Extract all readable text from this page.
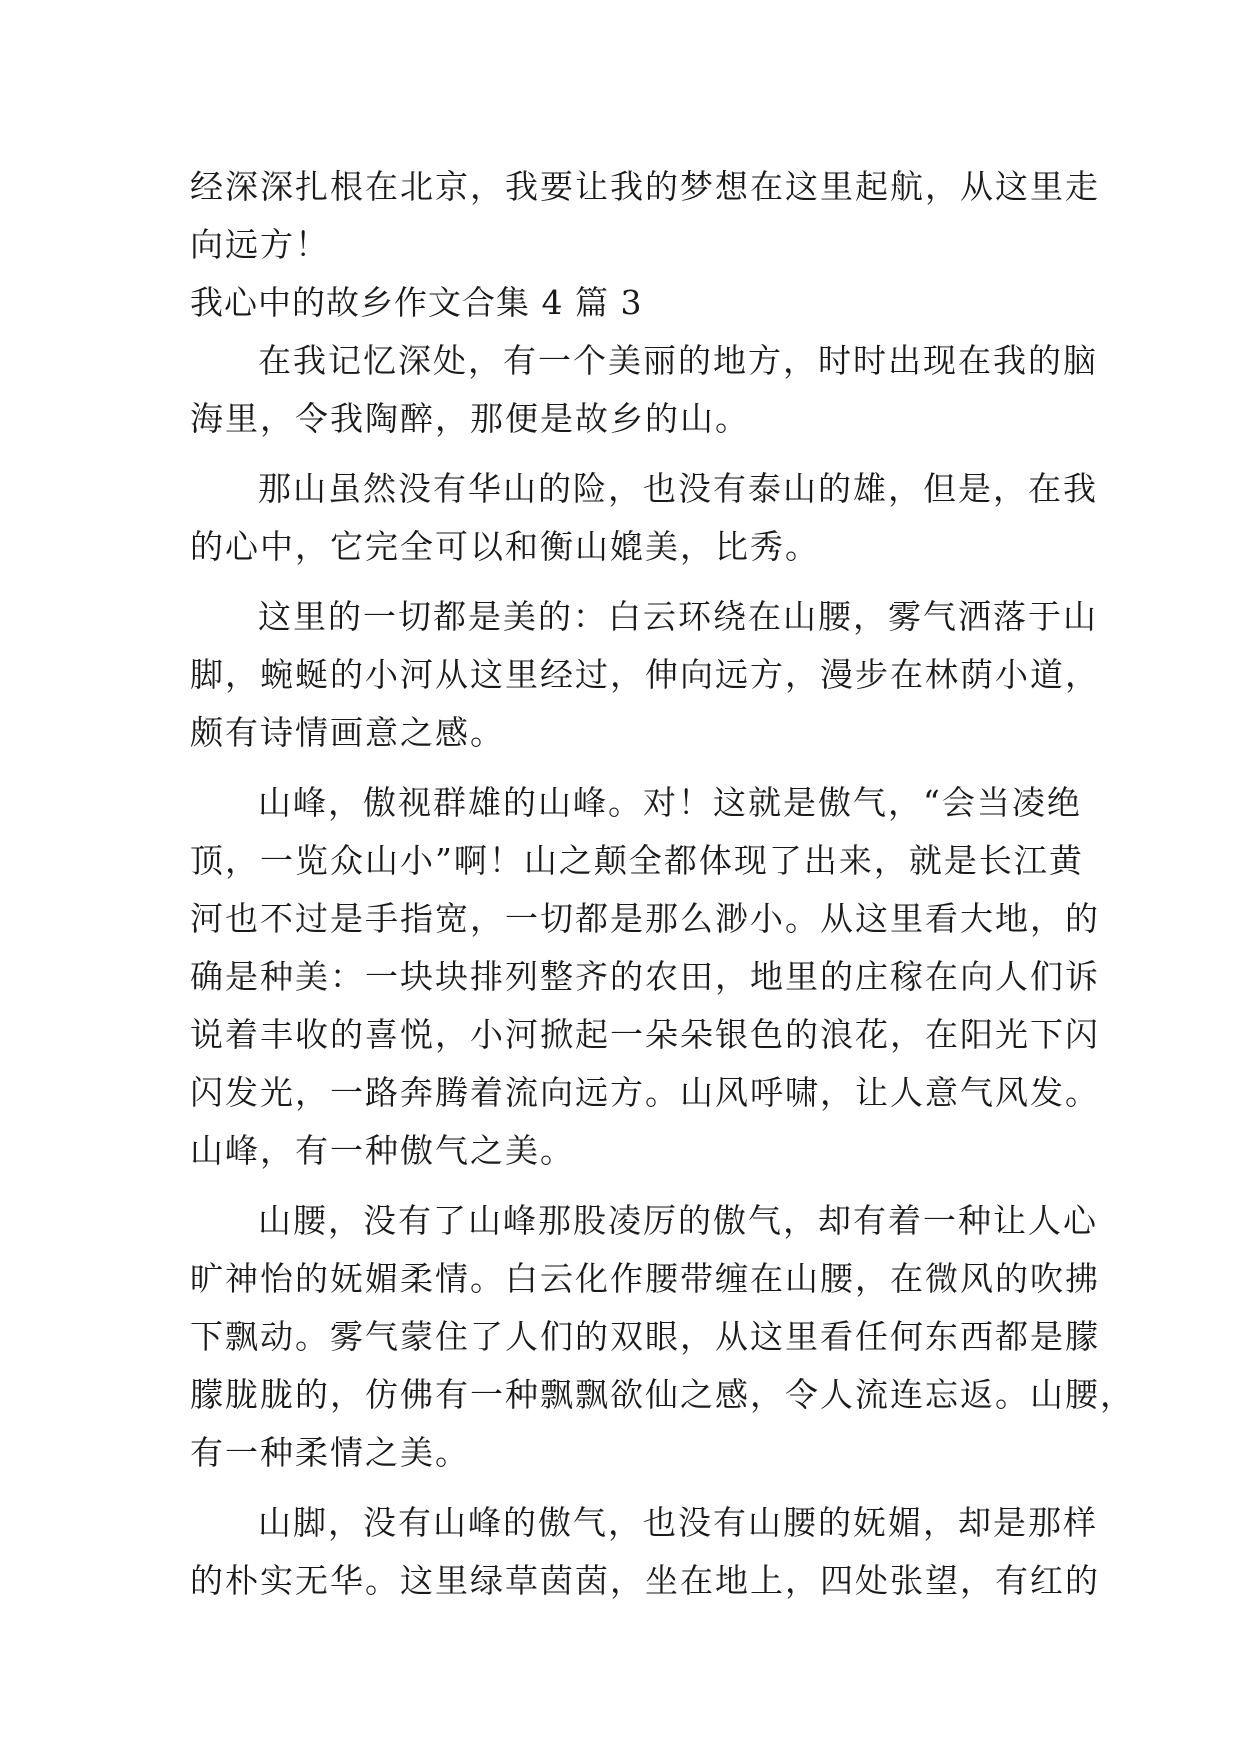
经深深扎根在北京，我要让我的梦想在这里起航，从这里走
向远方！
我心中的故乡作文合集 4 篇 3
在我记忆深处，有一个美丽的地方，时时出现在我的脑
海里，令我陶醉，那便是故乡的山。
那山虽然没有华山的险，也没有泰山的雄，但是，在我
的心中，它完全可以和衡山媲美，比秀。
这里的一切都是美的：白云环绕在山腰，雾气洒落于山
脚，蜿蜒的小河从这里经过，伸向远方，漫步在林荫小道，
颇有诗情画意之感。
山峰，傲视群雄的山峰。对！这就是傲气，“会当凌绝
顶，一览众山小”啊！山之颠全都体现了出来，就是长江黄
河也不过是手指宽，一切都是那么渺小。从这里看大地，的
确是种美：一块块排列整齐的农田，地里的庄稼在向人们诉
说着丰收的喜悦，小河掀起一朵朵银色的浪花，在阳光下闪
闪发光，一路奔腾着流向远方。山风呼啸，让人意气风发。
山峰，有一种傲气之美。
山腰，没有了山峰那股凌厉的傲气，却有着一种让人心
旷神怡的妩媚柔情。白云化作腰带缠在山腰，在微风的吹拂
下飘动。雾气蒙住了人们的双眼，从这里看任何东西都是朦
朦胧胧的，仿佛有一种飘飘欲仙之感，令人流连忘返。山腰，
有一种柔情之美。
山脚，没有山峰的傲气，也没有山腰的妩媚，却是那样
的朴实无华。这里绿草茵茵，坐在地上，四处张望，有红的
